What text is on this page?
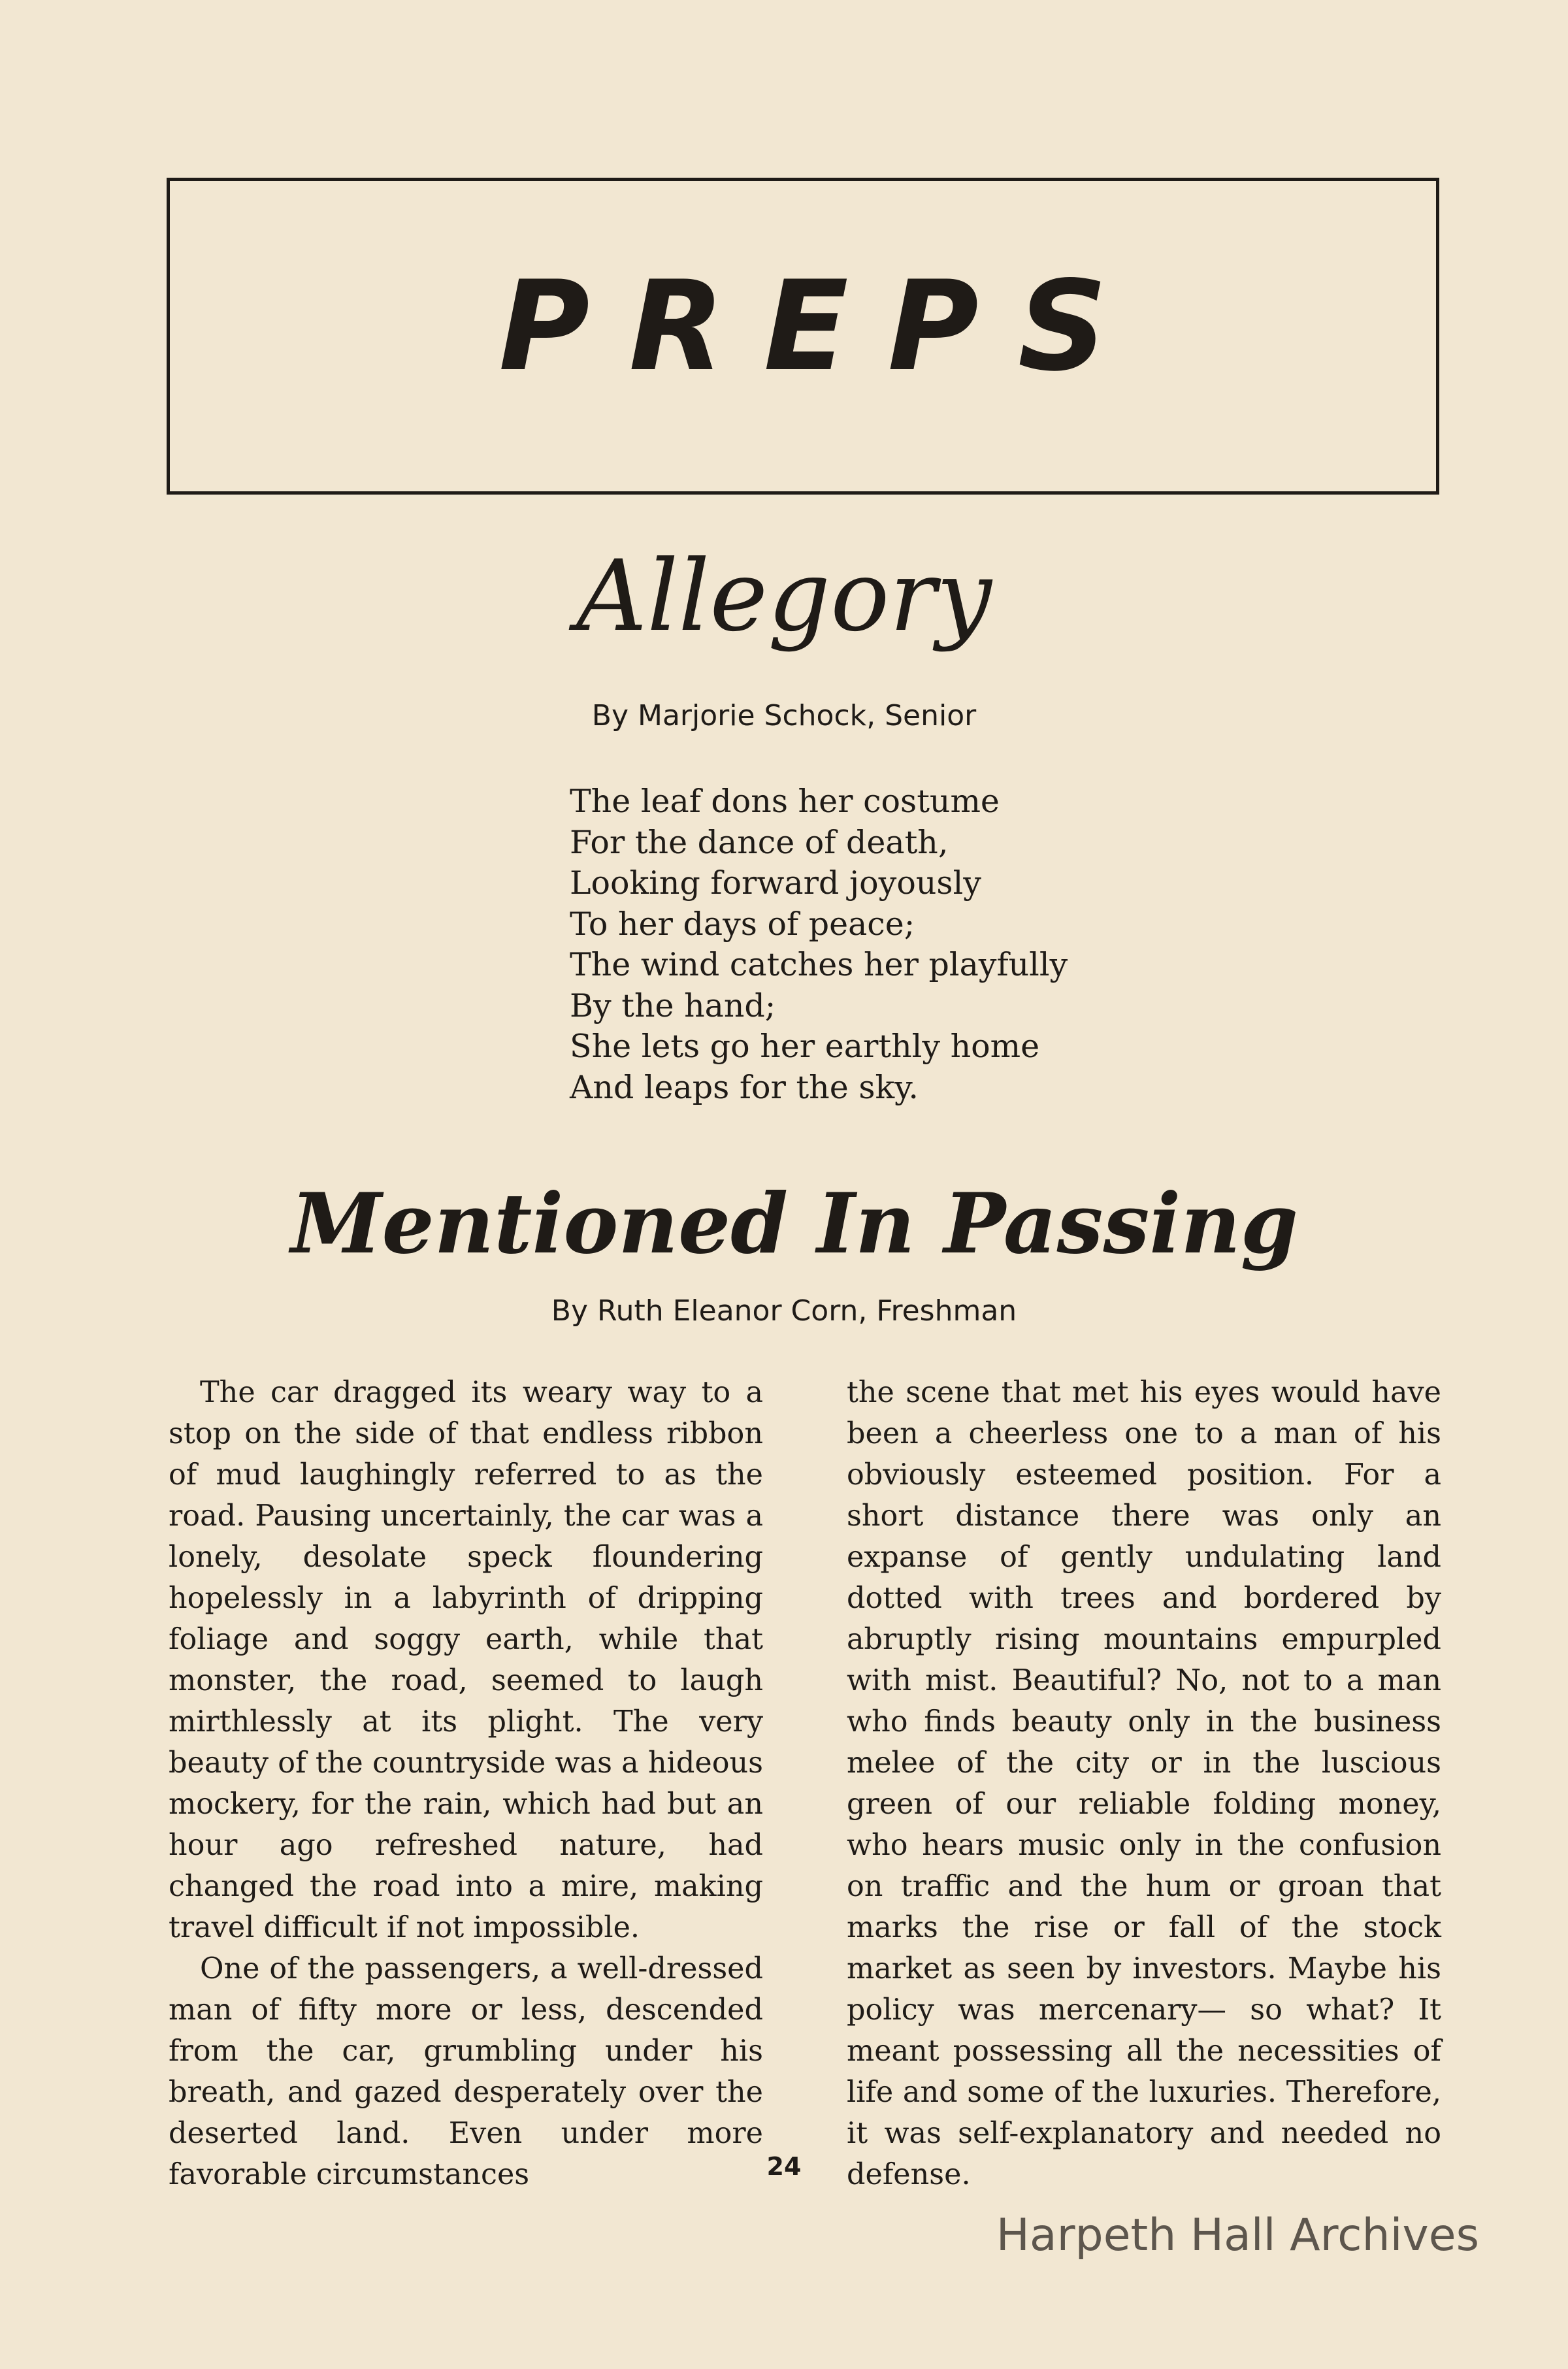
PREPS
Allegory
By Marjorie Schock, Senior
The leaf dons her costume
For the dance of death,
Looking forward joyously
To her days of peace;
The wind catches her playfully
By the hand;
She lets go her earthly home
And leaps for the sky.
Mentioned In Passing
By Ruth Eleanor Corn, Freshman

The car dragged its weary way to a stop on the side of that endless ribbon of mud laughingly referred to as the road. Pausing uncertainly, the car was a lonely, desolate speck floundering hopelessly in a labyrinth of dripping foliage and soggy earth, while that monster, the road, seemed to laugh mirthlessly at its plight. The very beauty of the countryside was a hideous mockery, for the rain, which had but an hour ago refreshed nature, had changed the road into a mire, making travel difficult if not impossible.

One of the passengers, a well-dressed man of fifty more or less, descended from the car, grumbling under his breath, and gazed desperately over the deserted land. Even under more favorable circumstances

the scene that met his eyes would have been a cheerless one to a man of his obviously esteemed position. For a short distance there was only an expanse of gently undulating land dotted with trees and bordered by abruptly rising mountains empurpled with mist. Beautiful? No, not to a man who finds beauty only in the business melee of the city or in the luscious green of our reliable folding money, who hears music only in the confusion on traffic and the hum or groan that marks the rise or fall of the stock market as seen by investors. Maybe his policy was mercenary— so what? It meant possessing all the necessities of life and some of the luxuries. Therefore, it was self-explanatory and needed no defense.

24
Harpeth Hall Archives
